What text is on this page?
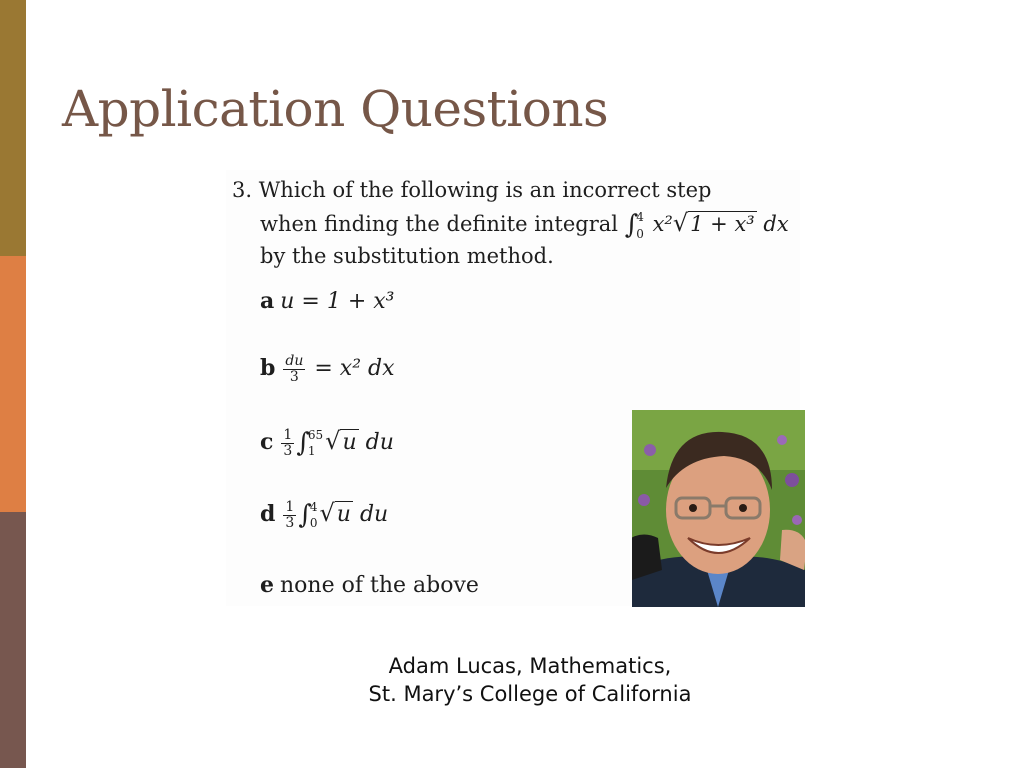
Application Questions
3. Which of the following is an incorrect step
when finding the definite integral ∫
4
0 x²√1 + x³ dx
by the substitution method.
a u = 1 + x³
b $\frac{du}{3} = x^2$ dx
c $\frac{1}{3}$ ∫
65
1 √u du
d $\frac{1}{3}$ ∫
4
0 √u du
e none of the above
Adam Lucas, Mathematics,
St. Mary’s College of California
